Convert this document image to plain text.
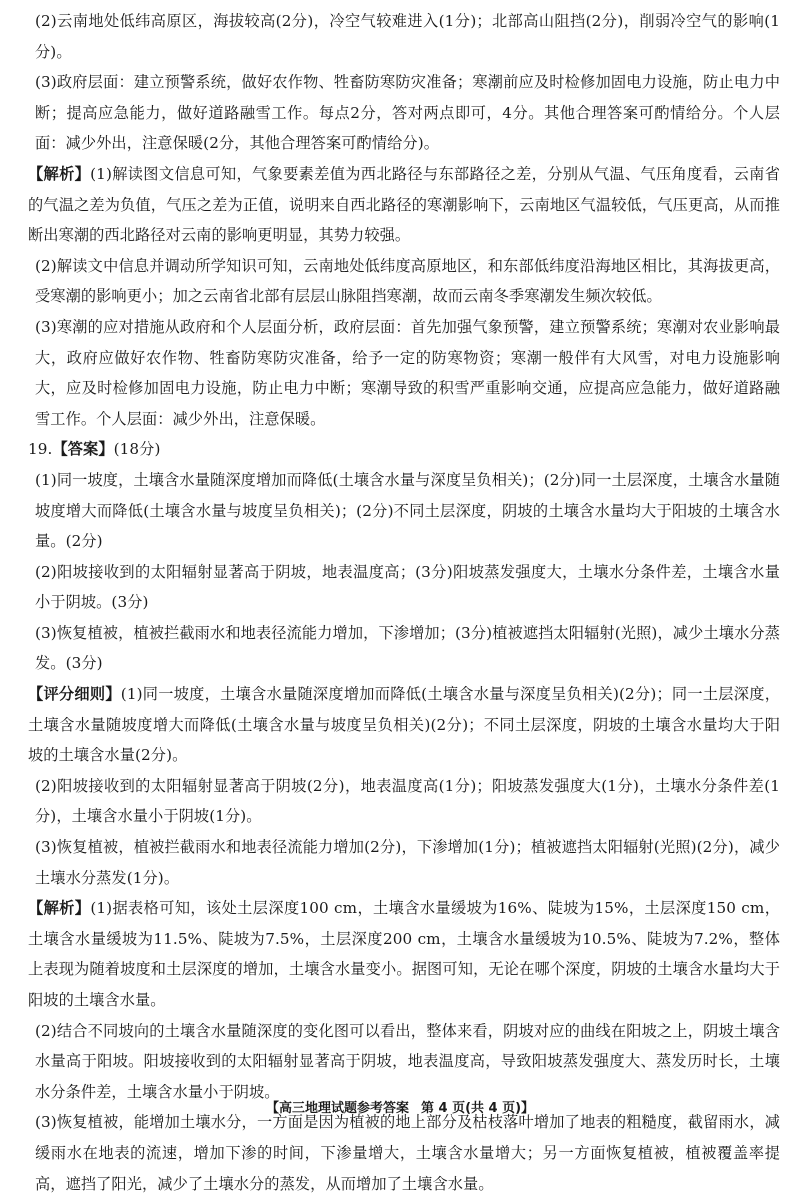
(2)云南地处低纬高原区，海拔较高(2分)，冷空气较难进入(1分)；北部高山阻挡(2分)，削弱冷空气的影响(1分)。

(3)政府层面：建立预警系统，做好农作物、牲畜防寒防灾准备；寒潮前应及时检修加固电力设施，防止电力中断；提高应急能力，做好道路融雪工作。每点2分，答对两点即可，4分。其他合理答案可酌情给分。个人层面：减少外出，注意保暖(2分，其他合理答案可酌情给分)。

【解析】(1)解读图文信息可知，气象要素差值为西北路径与东部路径之差，分别从气温、气压角度看，云南省的气温之差为负值，气压之差为正值，说明来自西北路径的寒潮影响下，云南地区气温较低，气压更高，从而推断出寒潮的西北路径对云南的影响更明显，其势力较强。

(2)解读文中信息并调动所学知识可知，云南地处低纬度高原地区，和东部低纬度沿海地区相比，其海拔更高，受寒潮的影响更小；加之云南省北部有层层山脉阻挡寒潮，故而云南冬季寒潮发生频次较低。

(3)寒潮的应对措施从政府和个人层面分析，政府层面：首先加强气象预警，建立预警系统；寒潮对农业影响最大，政府应做好农作物、牲畜防寒防灾准备，给予一定的防寒物资；寒潮一般伴有大风雪，对电力设施影响大，应及时检修加固电力设施，防止电力中断；寒潮导致的积雪严重影响交通，应提高应急能力，做好道路融雪工作。个人层面：减少外出，注意保暖。

19.【答案】(18分)

(1)同一坡度，土壤含水量随深度增加而降低(土壤含水量与深度呈负相关)；(2分)同一土层深度，土壤含水量随坡度增大而降低(土壤含水量与坡度呈负相关)；(2分)不同土层深度，阴坡的土壤含水量均大于阳坡的土壤含水量。(2分)

(2)阳坡接收到的太阳辐射显著高于阴坡，地表温度高；(3分)阳坡蒸发强度大，土壤水分条件差，土壤含水量小于阴坡。(3分)

(3)恢复植被，植被拦截雨水和地表径流能力增加，下渗增加；(3分)植被遮挡太阳辐射(光照)，减少土壤水分蒸发。(3分)

【评分细则】(1)同一坡度，土壤含水量随深度增加而降低(土壤含水量与深度呈负相关)(2分)；同一土层深度，土壤含水量随坡度增大而降低(土壤含水量与坡度呈负相关)(2分)；不同土层深度，阴坡的土壤含水量均大于阳坡的土壤含水量(2分)。

(2)阳坡接收到的太阳辐射显著高于阴坡(2分)，地表温度高(1分)；阳坡蒸发强度大(1分)，土壤水分条件差(1分)，土壤含水量小于阴坡(1分)。

(3)恢复植被，植被拦截雨水和地表径流能力增加(2分)，下渗增加(1分)；植被遮挡太阳辐射(光照)(2分)，减少土壤水分蒸发(1分)。

【解析】(1)据表格可知，该处土层深度100 cm，土壤含水量缓坡为16%、陡坡为15%，土层深度150 cm，土壤含水量缓坡为11.5%、陡坡为7.5%，土层深度200 cm，土壤含水量缓坡为10.5%、陡坡为7.2%，整体上表现为随着坡度和土层深度的增加，土壤含水量变小。据图可知，无论在哪个深度，阴坡的土壤含水量均大于阳坡的土壤含水量。

(2)结合不同坡向的土壤含水量随深度的变化图可以看出，整体来看，阴坡对应的曲线在阳坡之上，阴坡土壤含水量高于阳坡。阳坡接收到的太阳辐射显著高于阴坡，地表温度高，导致阳坡蒸发强度大、蒸发历时长，土壤水分条件差，土壤含水量小于阴坡。

(3)恢复植被，能增加土壤水分，一方面是因为植被的地上部分及枯枝落叶增加了地表的粗糙度，截留雨水，减缓雨水在地表的流速，增加下渗的时间，下渗量增大，土壤含水量增大；另一方面恢复植被，植被覆盖率提高，遮挡了阳光，减少了土壤水分的蒸发，从而增加了土壤含水量。

【高三地理试题参考答案 第 4 页(共 4 页)】
